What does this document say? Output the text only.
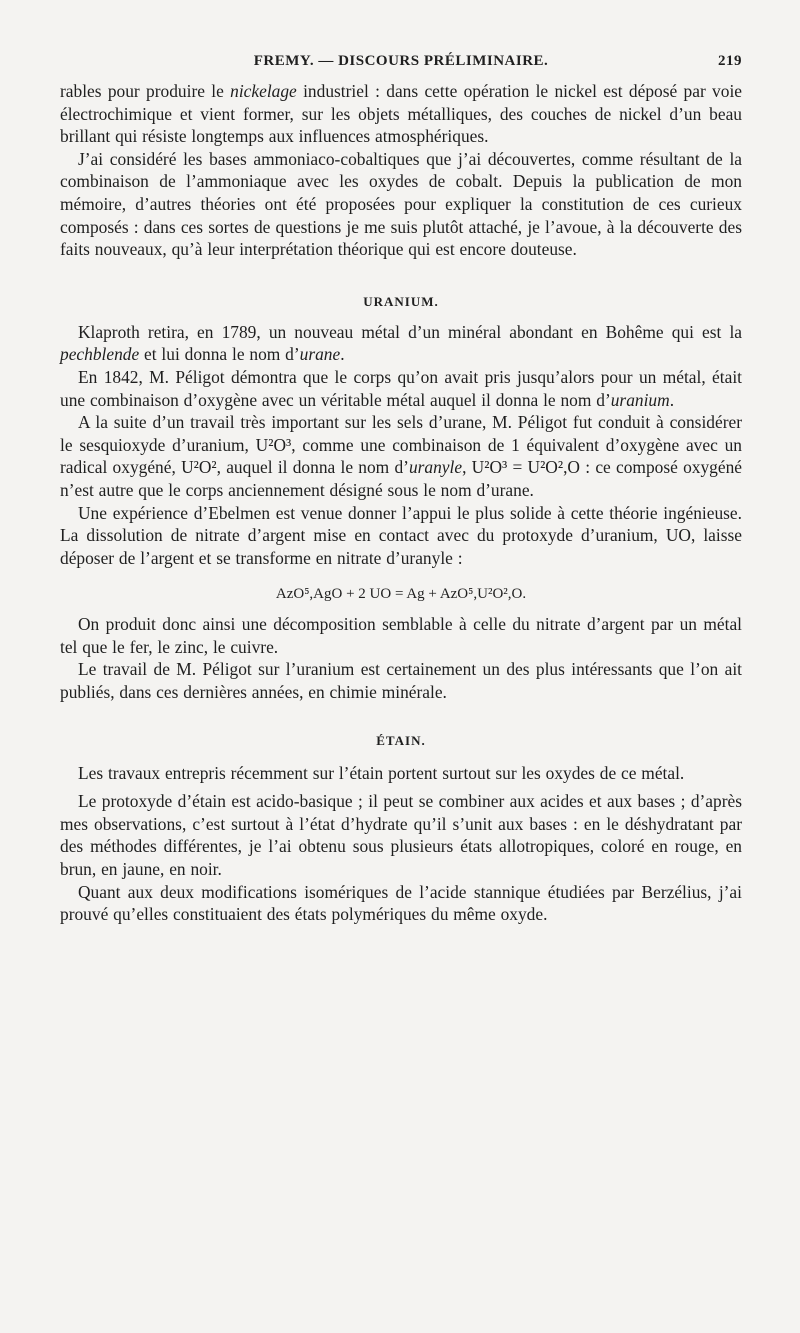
FREMY. — DISCOURS PRÉLIMINAIRE.	219

rables pour produire le nickelage industriel : dans cette opération le nickel est déposé par voie électrochimique et vient former, sur les objets métalliques, des couches de nickel d’un beau brillant qui résiste longtemps aux influences atmosphériques.

J’ai considéré les bases ammoniaco-cobaltiques que j’ai découvertes, comme résultant de la combinaison de l’ammoniaque avec les oxydes de cobalt. Depuis la publication de mon mémoire, d’autres théories ont été proposées pour expliquer la constitution de ces curieux composés : dans ces sortes de questions je me suis plutôt attaché, je l’avoue, à la découverte des faits nouveaux, qu’à leur interprétation théorique qui est encore douteuse.

URANIUM.

Klaproth retira, en 1789, un nouveau métal d’un minéral abondant en Bohême qui est la pechblende et lui donna le nom d’urane.

En 1842, M. Péligot démontra que le corps qu’on avait pris jusqu’alors pour un métal, était une combinaison d’oxygène avec un véritable métal auquel il donna le nom d’uranium.

A la suite d’un travail très important sur les sels d’urane, M. Péligot fut conduit à considérer le sesquioxyde d’uranium, U²O³, comme une combinaison de 1 équivalent d’oxygène avec un radical oxygéné, U²O², auquel il donna le nom d’uranyle, U²O³ = U²O²,O : ce composé oxygéné n’est autre que le corps anciennement désigné sous le nom d’urane.

Une expérience d’Ebelmen est venue donner l’appui le plus solide à cette théorie ingénieuse. La dissolution de nitrate d’argent mise en contact avec du protoxyde d’uranium, UO, laisse déposer de l’argent et se transforme en nitrate d’uranyle :

AzO⁵,AgO + 2 UO = Ag + AzO⁵,U²O²,O.

On produit donc ainsi une décomposition semblable à celle du nitrate d’argent par un métal tel que le fer, le zinc, le cuivre.

Le travail de M. Péligot sur l’uranium est certainement un des plus intéressants que l’on ait publiés, dans ces dernières années, en chimie minérale.

ÉTAIN.

Les travaux entrepris récemment sur l’étain portent surtout sur les oxydes de ce métal.

Le protoxyde d’étain est acido-basique ; il peut se combiner aux acides et aux bases ; d’après mes observations, c’est surtout à l’état d’hydrate qu’il s’unit aux bases : en le déshydratant par des méthodes différentes, je l’ai obtenu sous plusieurs états allotropiques, coloré en rouge, en brun, en jaune, en noir.

Quant aux deux modifications isomériques de l’acide stannique étudiées par Berzélius, j’ai prouvé qu’elles constituaient des états polymériques du même oxyde.
